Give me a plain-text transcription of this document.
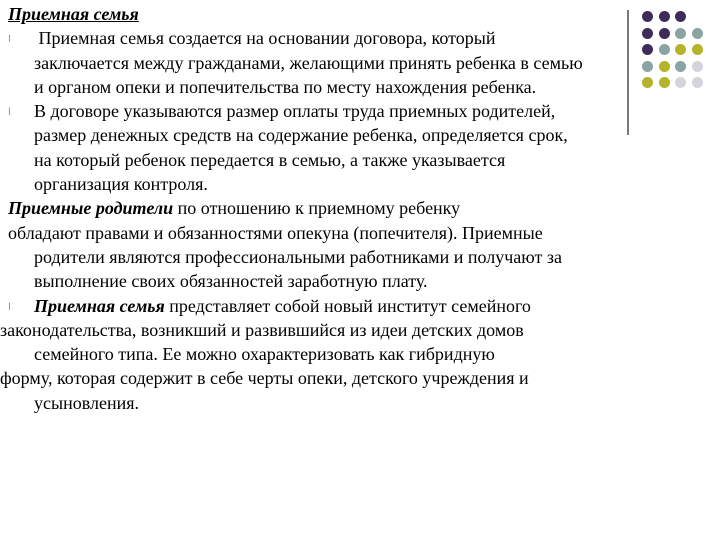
Приемная семья
l Приемная семья создается на основании договора, который
заключается между гражданами, желающими принять ребенка в семью
и органом опеки и попечительства по месту нахождения ребенка.
l В договоре указываются размер оплаты труда приемных родителей,
размер денежных средств на содержание ребенка, определяется срок,
на который ребенок передается в семью, а также указывается
организация контроля.
Приемные родители по отношению к приемному ребенку
обладают правами и обязанностями опекуна (попечителя). Приемные
родители являются профессиональными работниками и получают за
выполнение своих обязанностей заработную плату.
l Приемная семья представляет собой новый институт семейного
законодательства, возникший и развившийся из идеи детских домов
семейного типа. Ее можно охарактеризовать как гибридную
форму, которая содержит в себе черты опеки, детского учреждения и
усыновления.
